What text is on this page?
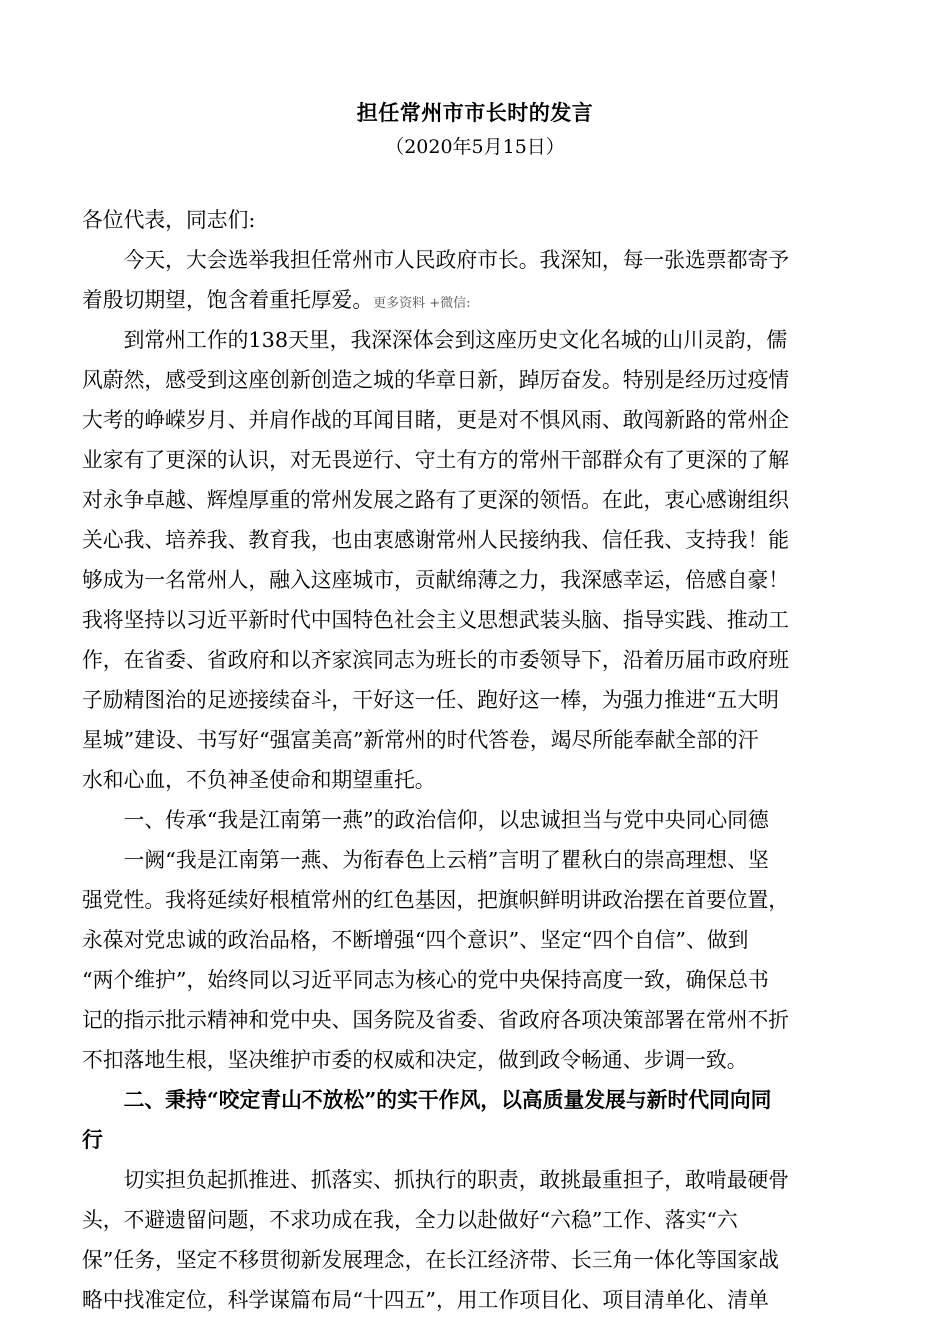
担任常州市市长时的发言
（2020年5月15日）
各位代表，同志们:
　　今天，大会选举我担任常州市人民政府市长。我深知，每一张选票都寄予
着殷切期望，饱含着重托厚爱。更多资料 +微信:
　　到常州工作的138天里，我深深体会到这座历史文化名城的山川灵韵，儒
风蔚然，感受到这座创新创造之城的华章日新，踔厉奋发。特别是经历过疫情
大考的峥嵘岁月、并肩作战的耳闻目睹，更是对不惧风雨、敢闯新路的常州企
业家有了更深的认识，对无畏逆行、守土有方的常州干部群众有了更深的了解
对永争卓越、辉煌厚重的常州发展之路有了更深的领悟。在此，衷心感谢组织
关心我、培养我、教育我，也由衷感谢常州人民接纳我、信任我、支持我！能
够成为一名常州人，融入这座城市，贡献绵薄之力，我深感幸运，倍感自豪！
我将坚持以习近平新时代中国特色社会主义思想武装头脑、指导实践、推动工
作，在省委、省政府和以齐家滨同志为班长的市委领导下，沿着历届市政府班
子励精图治的足迹接续奋斗，干好这一任、跑好这一棒，为强力推进“五大明
星城”建设、书写好“强富美高”新常州的时代答卷，竭尽所能奉献全部的汗
水和心血，不负神圣使命和期望重托。
　　一、传承“我是江南第一燕”的政治信仰，以忠诚担当与党中央同心同德
　　一阙“我是江南第一燕、为衔春色上云梢”言明了瞿秋白的崇高理想、坚
强党性。我将延续好根植常州的红色基因，把旗帜鲜明讲政治摆在首要位置，
永葆对党忠诚的政治品格，不断增强“四个意识”、坚定“四个自信”、做到
“两个维护”，始终同以习近平同志为核心的党中央保持高度一致，确保总书
记的指示批示精神和党中央、国务院及省委、省政府各项决策部署在常州不折
不扣落地生根，坚决维护市委的权威和决定，做到政令畅通、步调一致。
　　二、秉持“咬定青山不放松”的实干作风，以高质量发展与新时代同向同
行
　　切实担负起抓推进、抓落实、抓执行的职责，敢挑最重担子，敢啃最硬骨
头，不避遗留问题，不求功成在我，全力以赴做好“六稳”工作、落实“六
保”任务，坚定不移贯彻新发展理念，在长江经济带、长三角一体化等国家战
略中找准定位，科学谋篇布局“十四五”，用工作项目化、项目清单化、清单
